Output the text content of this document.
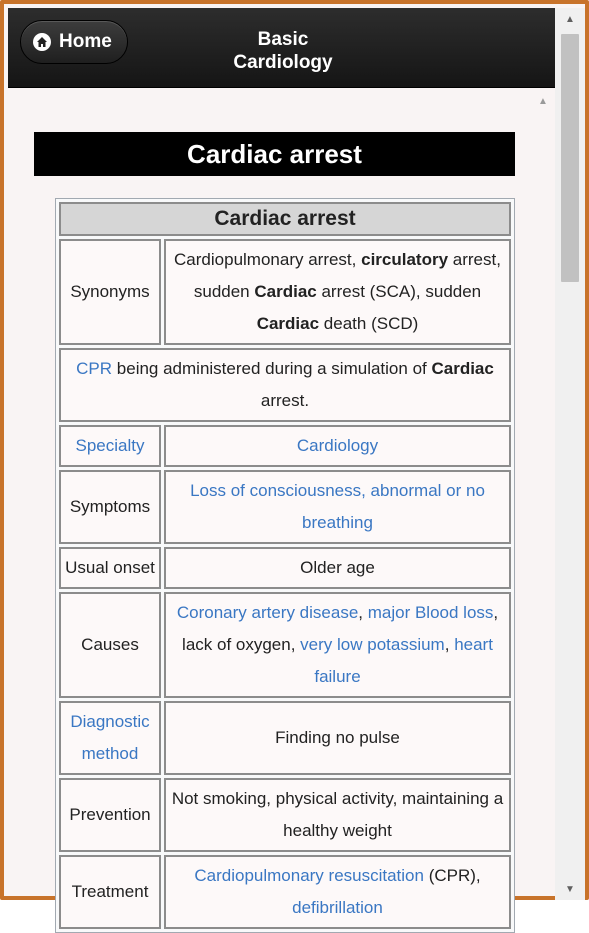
Home	Basic
Cardiology
▲
Cardiac arrest
Cardiac arrest	
Synonyms	Cardiopulmonary arrest, circulatory arrest, sudden Cardiac arrest (SCA), sudden Cardiac death (SCD)
CPR being administered during a simulation of Cardiac arrest.	
Specialty	Cardiology
Symptoms	Loss of consciousness, abnormal or no breathing
Usual onset	Older age
Causes	Coronary artery disease, major Blood loss, lack of oxygen, very low potassium, heart failure
Diagnostic method	Finding no pulse
Prevention	Not smoking, physical activity, maintaining a healthy weight
Treatment	Cardiopulmonary resuscitation (CPR), defibrillation
▲
▼
